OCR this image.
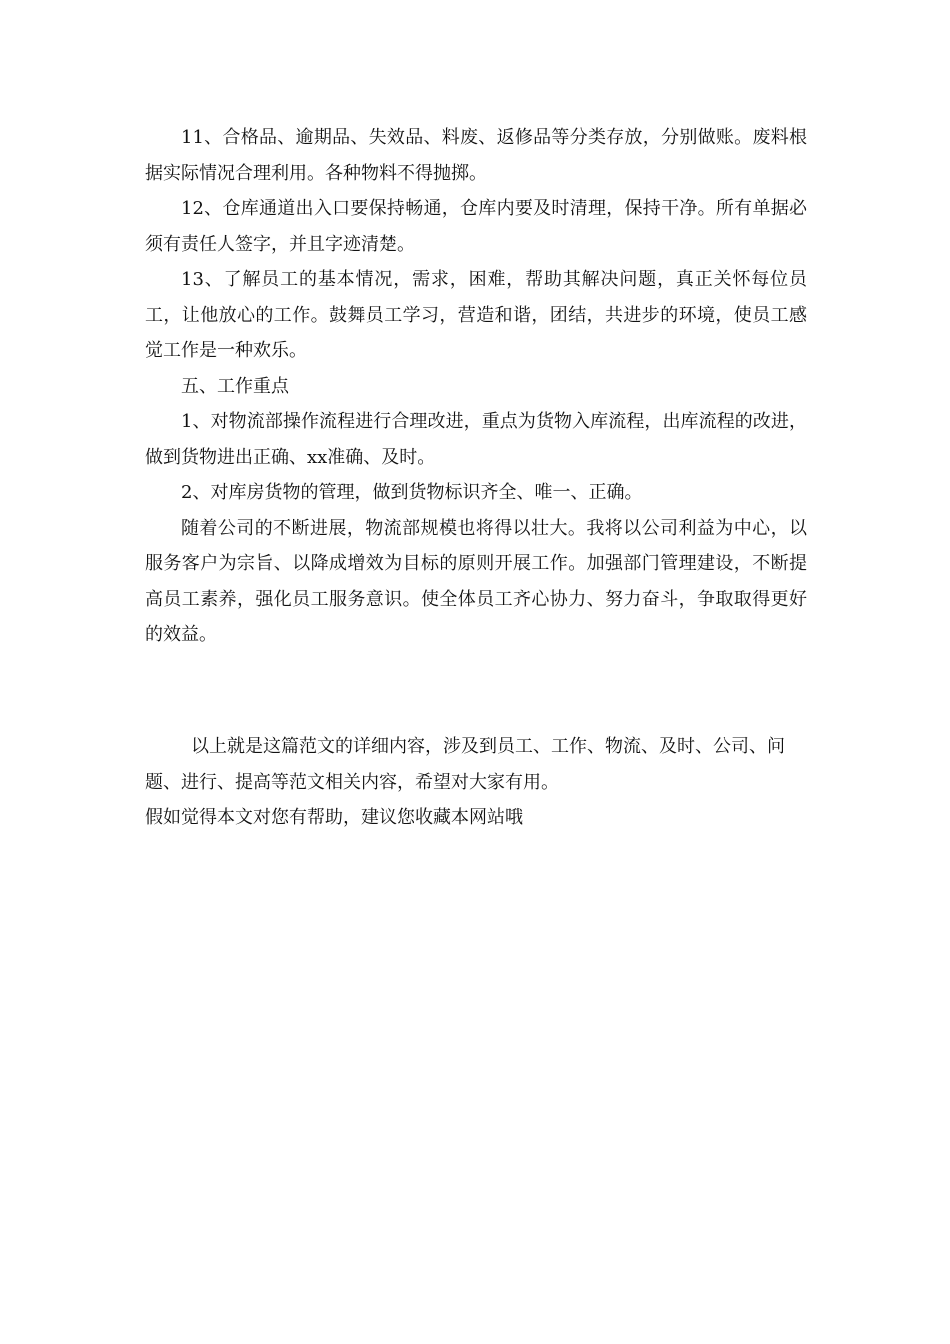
11、合格品、逾期品、失效品、料废、返修品等分类存放，分别做账。废料根据实际情况合理利用。各种物料不得抛掷。

12、仓库通道出入口要保持畅通，仓库内要及时清理，保持干净。所有单据必须有责任人签字，并且字迹清楚。

13、了解员工的基本情况，需求，困难，帮助其解决问题，真正关怀每位员工，让他放心的工作。鼓舞员工学习，营造和谐，团结，共进步的环境，使员工感觉工作是一种欢乐。

五、工作重点

1、对物流部操作流程进行合理改进，重点为货物入库流程，出库流程的改进，做到货物进出正确、xx准确、及时。

2、对库房货物的管理，做到货物标识齐全、唯一、正确。

随着公司的不断进展，物流部规模也将得以壮大。我将以公司利益为中心，以服务客户为宗旨、以降成增效为目标的原则开展工作。加强部门管理建设，不断提高员工素养，强化员工服务意识。使全体员工齐心协力、努力奋斗，争取取得更好的效益。

以上就是这篇范文的详细内容，涉及到员工、工作、物流、及时、公司、问题、进行、提高等范文相关内容，希望对大家有用。

假如觉得本文对您有帮助，建议您收藏本网站哦
